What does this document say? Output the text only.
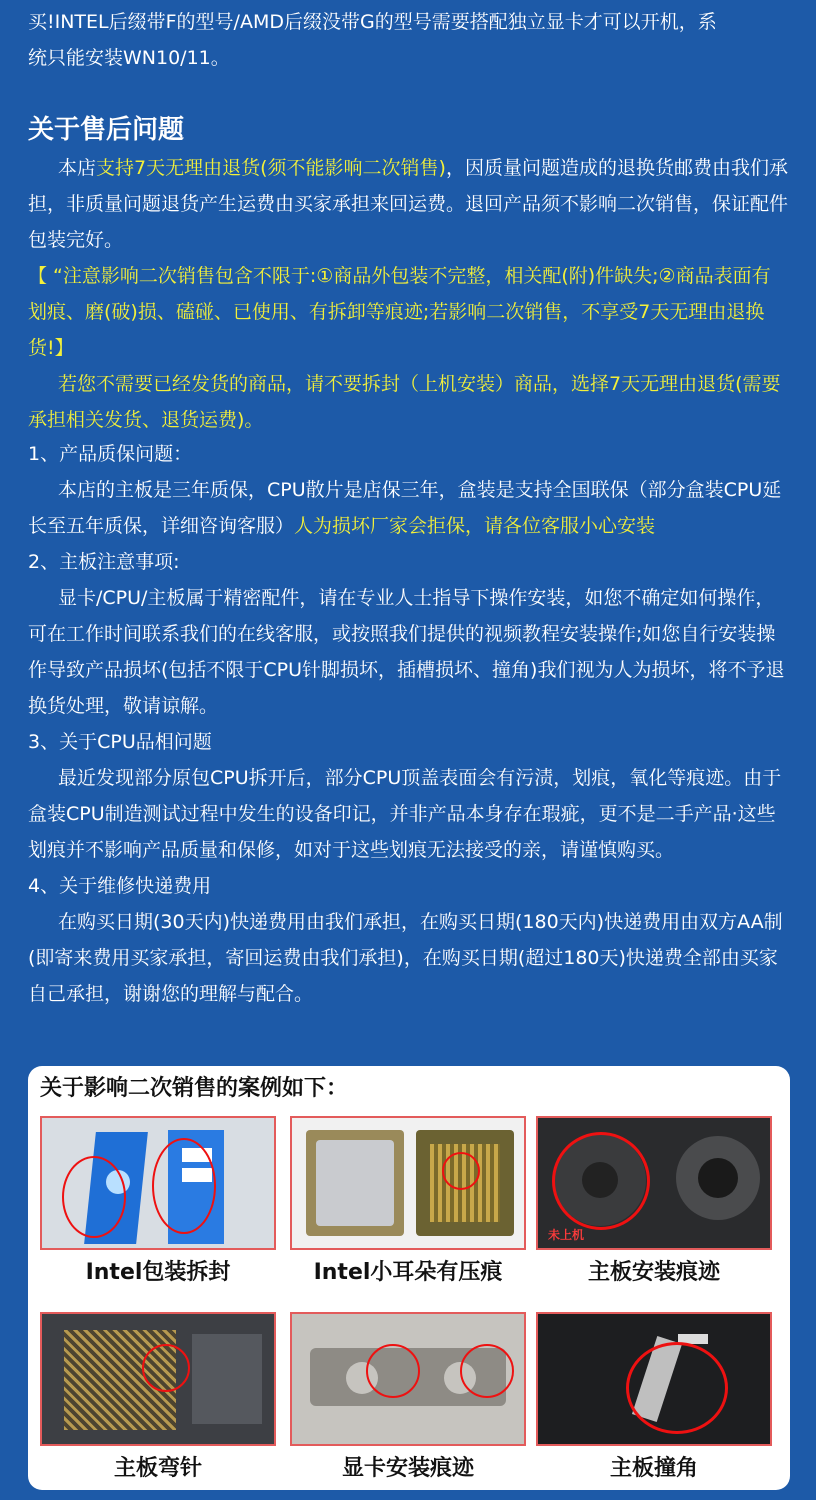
买!INTEL后缀带F的型号/AMD后缀没带G的型号需要搭配独立显卡才可以开机，系

统只能安装WN10/11。

关于售后问题

本店支持7天无理由退货(须不能影响二次销售)，因质量问题造成的退换货邮费由我们承担，非质量问题退货产生运费由买家承担来回运费。退回产品须不影响二次销售，保证配件包装完好。

【 “注意影响二次销售包含不限于:①商品外包装不完整，相关配(附)件缺失;②商品表面有划痕、磨(破)损、磕碰、已使用、有拆卸等痕迹;若影响二次销售，不享受7天无理由退换货!】

若您不需要已经发货的商品，请不要拆封（上机安装）商品，选择7天无理由退货(需要承担相关发货、退货运费)。

1、产品质保问题：

本店的主板是三年质保，CPU散片是店保三年，盒装是支持全国联保（部分盒装CPU延长至五年质保，详细咨询客服）人为损坏厂家会拒保，请各位客服小心安装

2、主板注意事项:

显卡/CPU/主板属于精密配件，请在专业人士指导下操作安装，如您不确定如何操作，可在工作时间联系我们的在线客服，或按照我们提供的视频教程安装操作;如您自行安装操作导致产品损坏(包括不限于CPU针脚损坏，插槽损坏、撞角)我们视为人为损坏，将不予退换货处理，敬请谅解。

3、关于CPU品相问题

最近发现部分原包CPU拆开后，部分CPU顶盖表面会有污渍，划痕，氧化等痕迹。由于盒装CPU制造测试过程中发生的设备印记，并非产品本身存在瑕疵，更不是二手产品·这些划痕并不影响产品质量和保修，如对于这些划痕无法接受的亲，请谨慎购买。

4、关于维修快递费用

在购买日期(30天内)快递费用由我们承担，在购买日期(180天内)快递费用由双方AA制(即寄来费用买家承担，寄回运费由我们承担)，在购买日期(超过180天)快递费全部由买家自己承担，谢谢您的理解与配合。

关于影响二次销售的案例如下：
Intel包装拆封	Intel小耳朵有压痕
未上机
主板安装痕迹
主板弯针	显卡安装痕迹	主板撞角
